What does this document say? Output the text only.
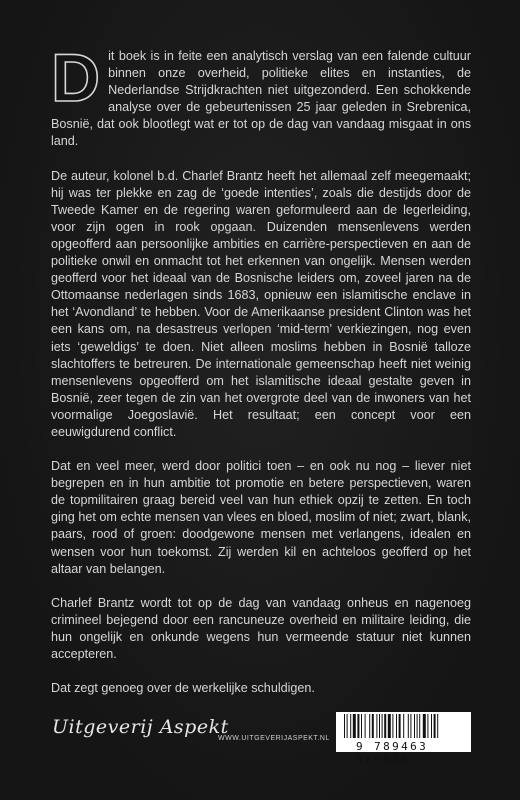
Dit boek is in feite een analytisch verslag van een falende cultuur binnen onze overheid, politieke elites en instanties, de Nederlandse Strijdkrachten niet uitgezonderd. Een schokkende analyse over de gebeurtenissen 25 jaar geleden in Srebrenica, Bosnië, dat ook blootlegt wat er tot op de dag van vandaag misgaat in ons land.

De auteur, kolonel b.d. Charlef Brantz heeft het allemaal zelf meegemaakt; hij was ter plekke en zag de ‘goede intenties’, zoals die destijds door de Tweede Kamer en de regering waren geformuleerd aan de legerleiding, voor zijn ogen in rook opgaan. Duizenden mensenlevens werden opgeofferd aan persoonlijke ambities en carrière-perspectieven en aan de politieke onwil en onmacht tot het erkennen van ongelijk. Mensen werden geofferd voor het ideaal van de Bosnische leiders om, zoveel jaren na de Ottomaanse nederlagen sinds 1683, opnieuw een islamitische enclave in het ‘Avondland’ te hebben. Voor de Amerikaanse president Clinton was het een kans om, na desastreus verlopen ‘mid-term’ verkiezingen, nog even iets ‘geweldigs’ te doen. Niet alleen moslims hebben in Bosnië talloze slachtoffers te betreuren. De internationale gemeenschap heeft niet weinig mensenlevens opgeofferd om het islamitische ideaal gestalte geven in Bosnië, zeer tegen de zin van het overgrote deel van de inwoners van het voormalige Joegoslavië. Het resultaat; een concept voor een eeuwigdurend conflict.

Dat en veel meer, werd door politici toen – en ook nu nog – liever niet begrepen en in hun ambitie tot promotie en betere perspectieven, waren de topmilitairen graag bereid veel van hun ethiek opzij te zetten. En toch ging het om echte mensen van vlees en bloed, moslim of niet; zwart, blank, paars, rood of groen: doodgewone mensen met verlangens, idealen en wensen voor hun toekomst. Zij werden kil en achteloos geofferd op het altaar van belangen.

Charlef Brantz wordt tot op de dag van vandaag onheus en nagenoeg crimineel bejegend door een rancuneuze overheid en militaire leiding, die hun ongelijk en onkunde wegens hun vermeende statuur niet kunnen accepteren.

Dat zegt genoeg over de werkelijke schuldigen.

Uitgeverij Aspekt
WWW.UITGEVERIJASPEKT.NL
9 789463 389020
